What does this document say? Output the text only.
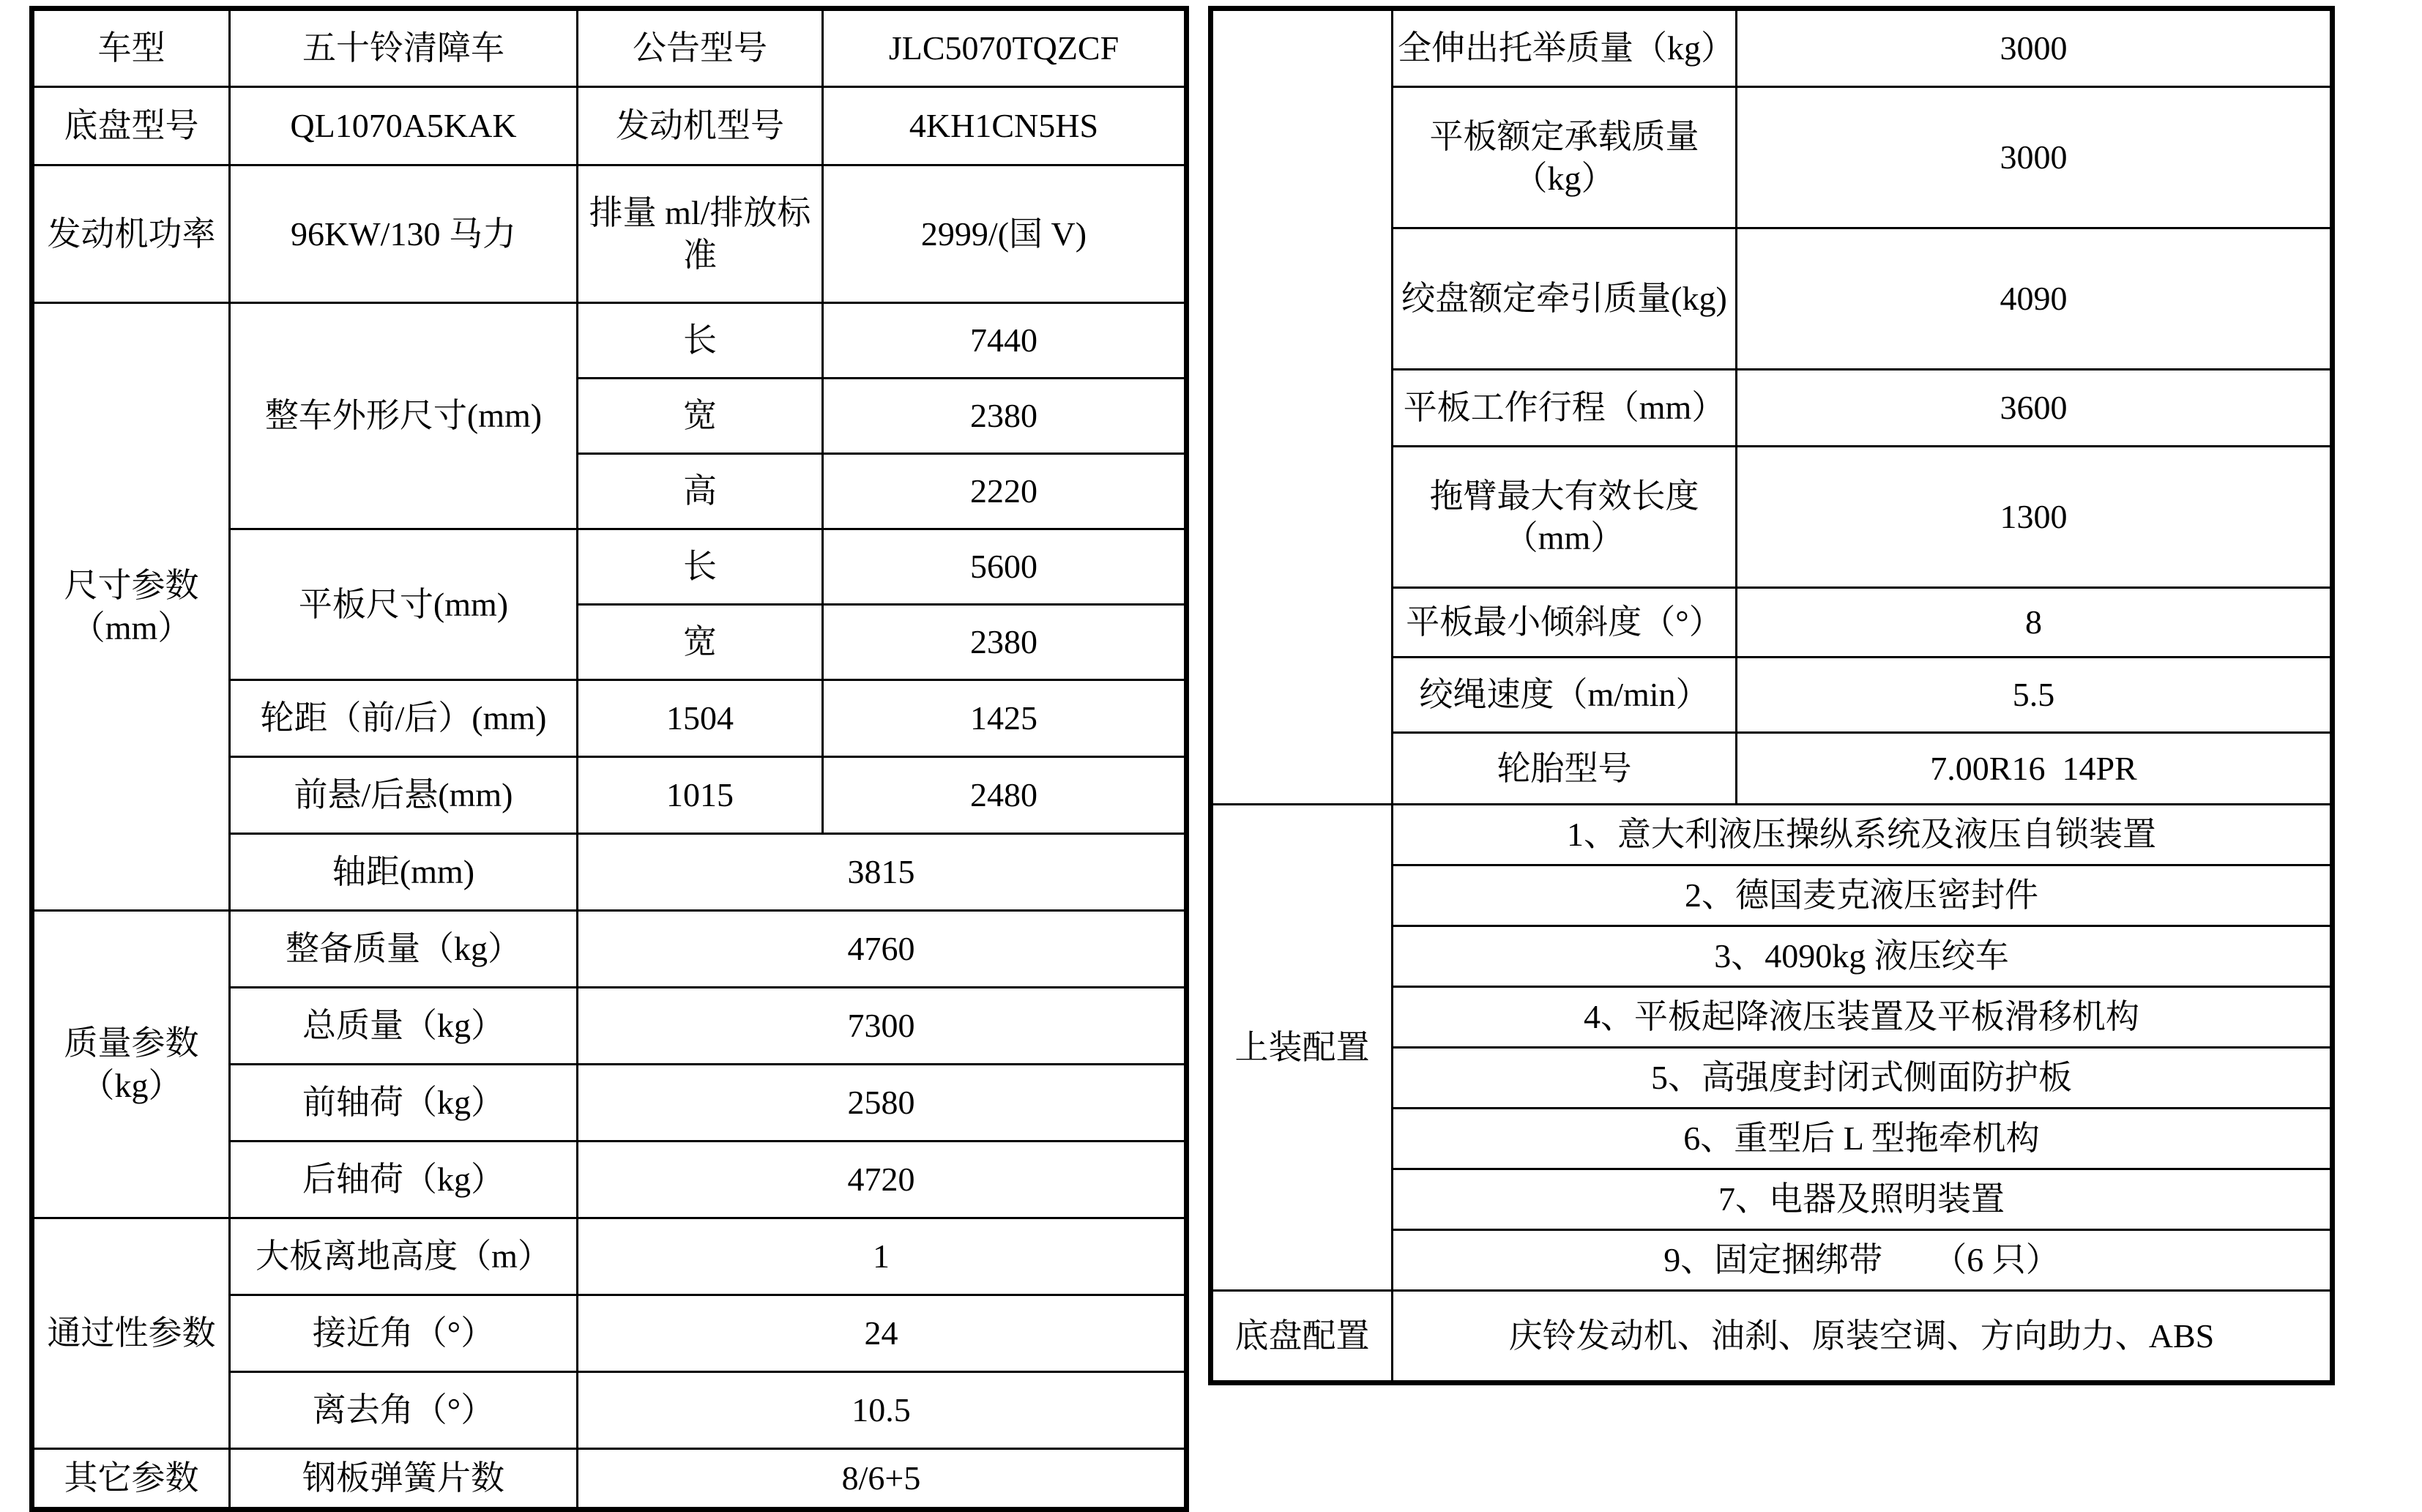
车型	五十铃清障车	公告型号	JLC5070TQZCF
底盘型号	QL1070A5KAK	发动机型号	4KH1CN5HS
发动机功率	96KW/130 马力	排量 ml/排放标准	2999/(国 V)
尺寸参数（mm）	整车外形尺寸(mm)	长	7440
		宽	2380
		高	2220
	平板尺寸(mm)	长	5600
		宽	2380
	轮距（前/后）(mm)	1504	1425
	前悬/后悬(mm)	1015	2480
	轴距(mm)	3815	
质量参数（kg）	整备质量（kg）	4760	
	总质量（kg）	7300	
	前轴荷（kg）	2580	
	后轴荷（kg）	4720	
通过性参数	大板离地高度（m）	1	
	接近角（°）	24	
	离去角（°）	10.5	
其它参数	钢板弹簧片数	8/6+5	
	全伸出托举质量（kg）	3000
	平板额定承载质量（kg）	3000
	绞盘额定牵引质量(kg)	4090
	平板工作行程（mm）	3600
	拖臂最大有效长度（mm）	1300
	平板最小倾斜度（°）	8
	绞绳速度（m/min）	5.5
	轮胎型号	7.00R16  14PR
上装配置	1、意大利液压操纵系统及液压自锁装置	
	2、德国麦克液压密封件	
	3、4090kg 液压绞车	
	4、平板起降液压装置及平板滑移机构	
	5、高强度封闭式侧面防护板	
	6、重型后 L 型拖牵机构	
	7、电器及照明装置	
	9、固定捆绑带　　（6 只）	
底盘配置	庆铃发动机、油刹、原装空调、方向助力、ABS	
